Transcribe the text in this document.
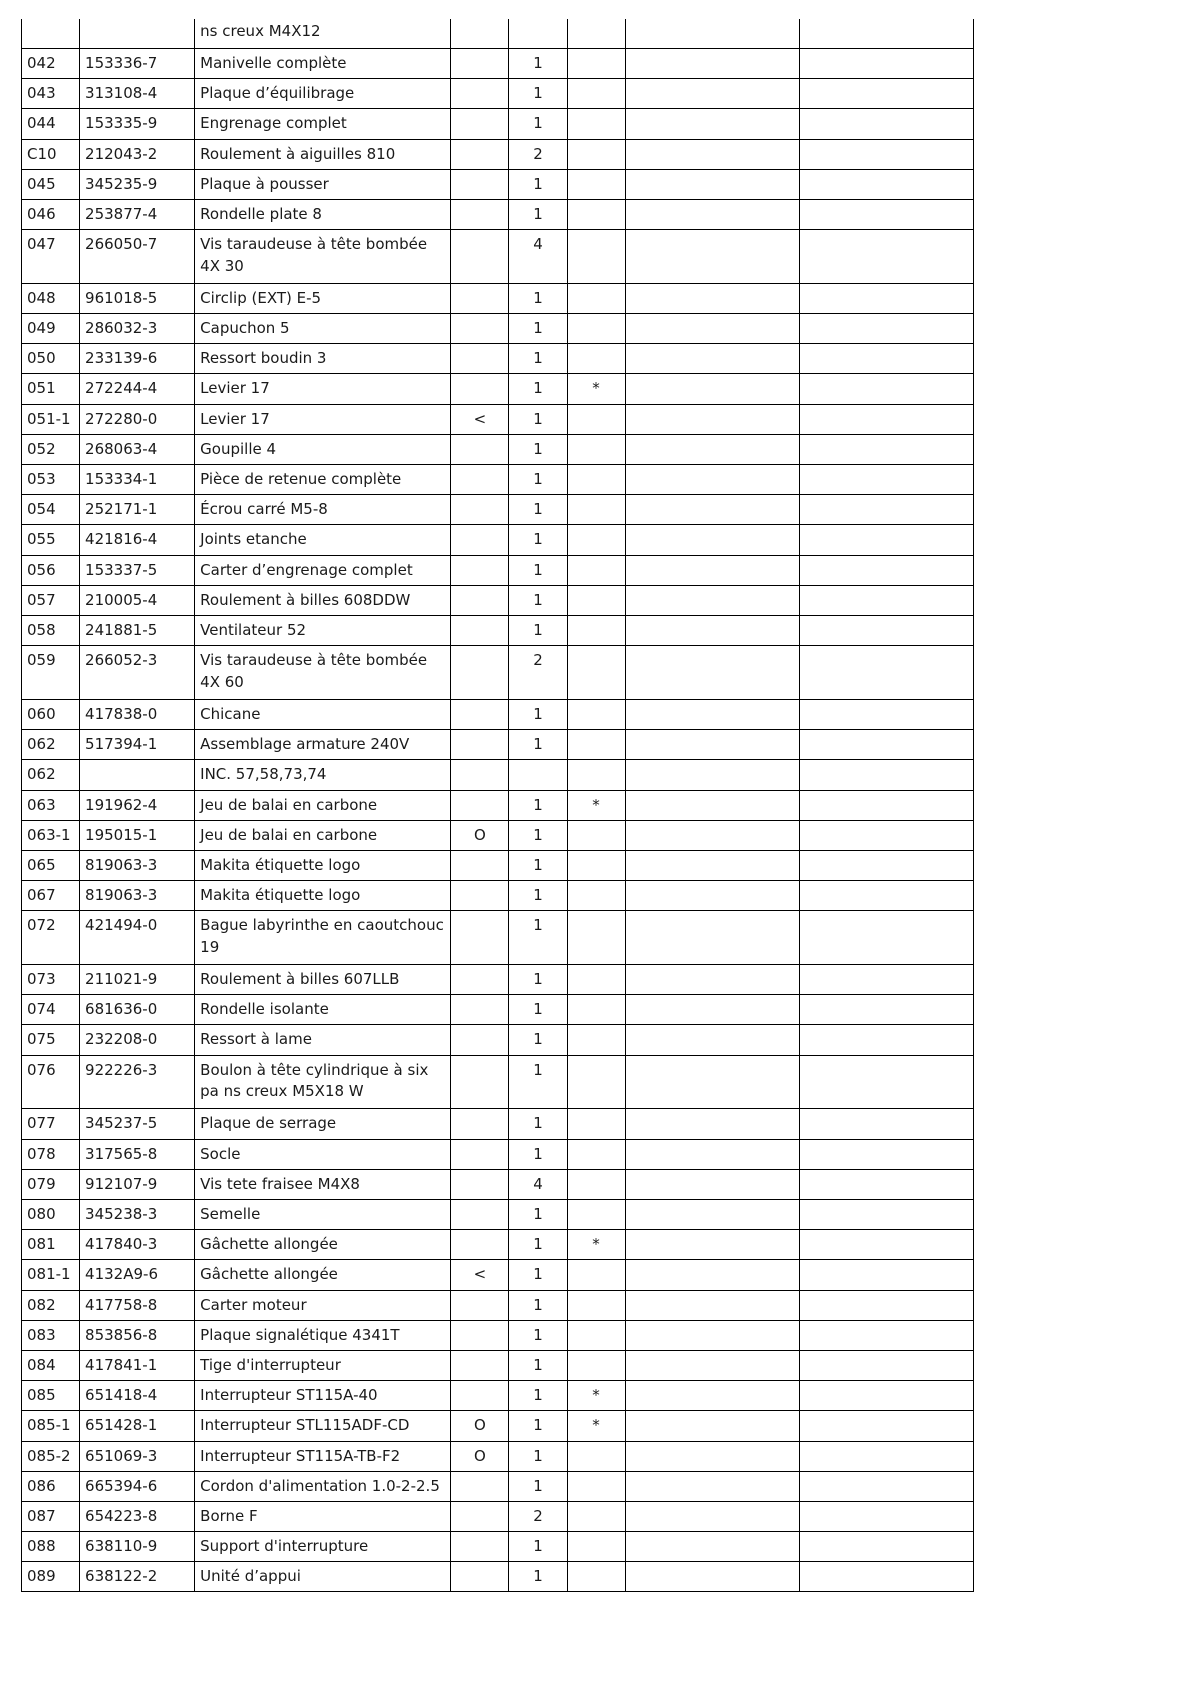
		ns creux M4X12					
042	153336-7	Manivelle complète		1			
043	313108-4	Plaque d’équilibrage		1			
044	153335-9	Engrenage complet		1			
C10	212043-2	Roulement à aiguilles 810		2			
045	345235-9	Plaque à pousser		1			
046	253877-4	Rondelle plate 8		1			
047	266050-7	Vis taraudeuse à tête bombée 4X 30		4			
048	961018-5	Circlip (EXT) E-5		1			
049	286032-3	Capuchon 5		1			
050	233139-6	Ressort boudin 3		1			
051	272244-4	Levier 17		1	*		
051-1	272280-0	Levier 17	<	1			
052	268063-4	Goupille 4		1			
053	153334-1	Pièce de retenue complète		1			
054	252171-1	Écrou carré M5-8		1			
055	421816-4	Joints etanche		1			
056	153337-5	Carter d’engrenage complet		1			
057	210005-4	Roulement à billes 608DDW		1			
058	241881-5	Ventilateur 52		1			
059	266052-3	Vis taraudeuse à tête bombée 4X 60		2			
060	417838-0	Chicane		1			
062	517394-1	Assemblage armature 240V		1			
062		INC. 57,58,73,74					
063	191962-4	Jeu de balai en carbone		1	*		
063-1	195015-1	Jeu de balai en carbone	O	1			
065	819063-3	Makita étiquette logo		1			
067	819063-3	Makita étiquette logo		1			
072	421494-0	Bague labyrinthe en caoutchouc 19		1			
073	211021-9	Roulement à billes 607LLB		1			
074	681636-0	Rondelle isolante		1			
075	232208-0	Ressort à lame		1			
076	922226-3	Boulon à tête cylindrique à six pa ns creux M5X18 W		1			
077	345237-5	Plaque de serrage		1			
078	317565-8	Socle		1			
079	912107-9	Vis tete fraisee M4X8		4			
080	345238-3	Semelle		1			
081	417840-3	Gâchette allongée		1	*		
081-1	4132A9-6	Gâchette allongée	<	1			
082	417758-8	Carter moteur		1			
083	853856-8	Plaque signalétique 4341T		1			
084	417841-1	Tige d'interrupteur		1			
085	651418-4	Interrupteur ST115A-40		1	*		
085-1	651428-1	Interrupteur STL115ADF-CD	O	1	*		
085-2	651069-3	Interrupteur ST115A-TB-F2	O	1			
086	665394-6	Cordon d'alimentation 1.0-2-2.5		1			
087	654223-8	Borne F		2			
088	638110-9	Support d'interrupture		1			
089	638122-2	Unité d’appui		1			
